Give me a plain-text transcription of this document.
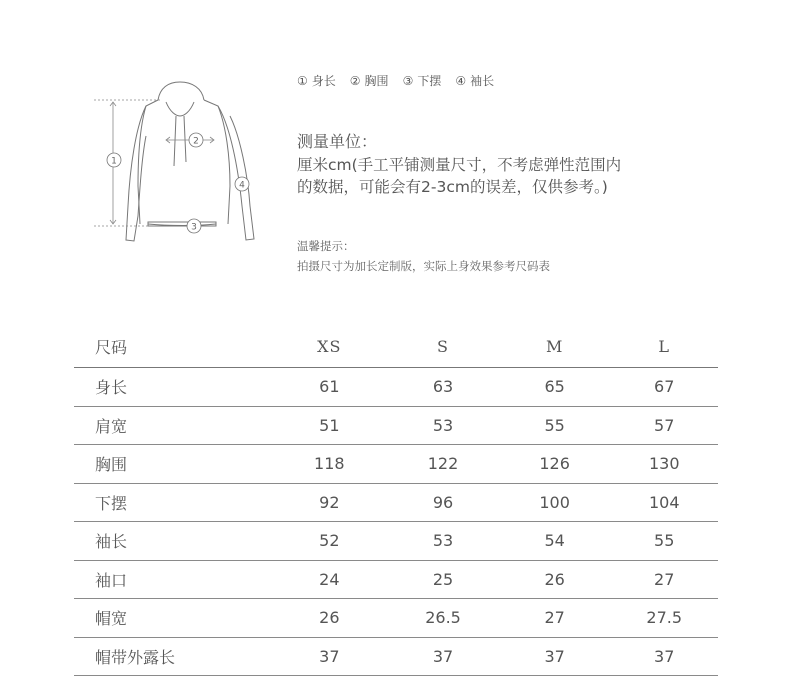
1
2
3
4
① 身长 ② 胸围 ③ 下摆 ④ 袖长
测量单位：
厘米cm(手工平铺测量尺寸，不考虑弹性范围内
的数据，可能会有2-3cm的误差，仅供参考。)
温馨提示：
拍摄尺寸为加长定制版，实际上身效果参考尺码表
尺码	XS	S	M	L
身长	61	63	65	67
肩宽	51	53	55	57
胸围	118	122	126	130
下摆	92	96	100	104
袖长	52	53	54	55
袖口	24	25	26	27
帽宽	26	26.5	27	27.5
帽带外露长	37	37	37	37
